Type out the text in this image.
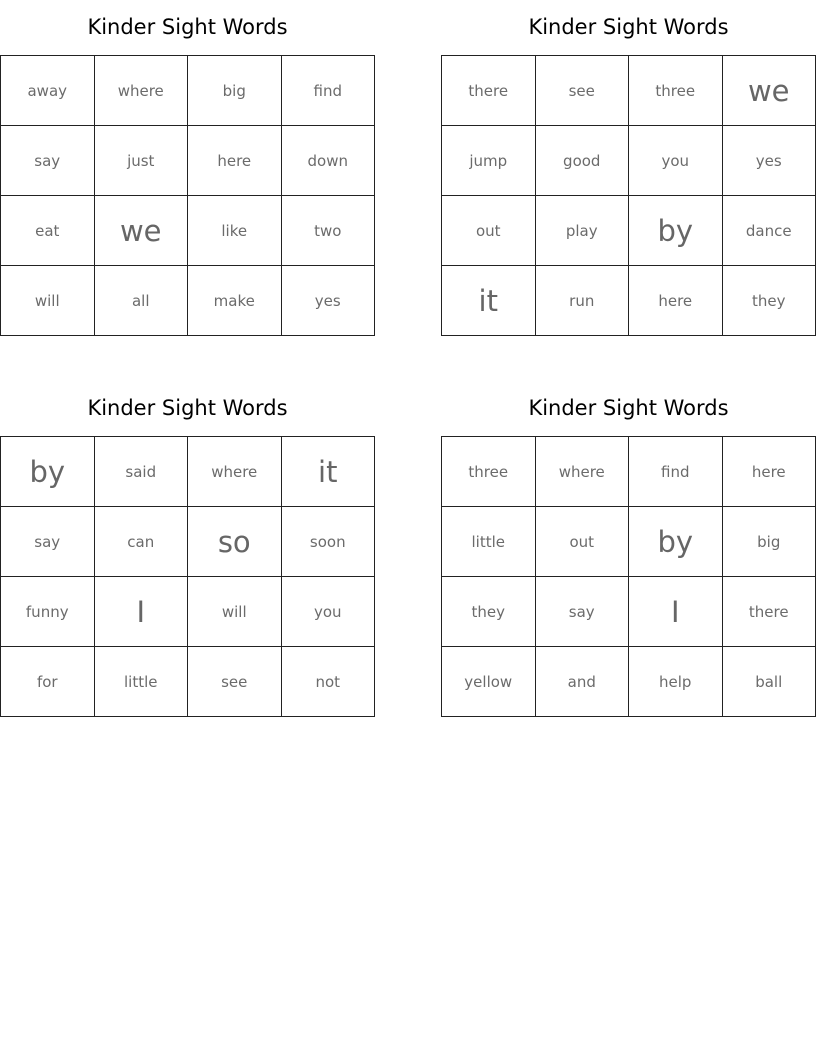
Kinder Sight Words
away	where	big	find
say	just	here	down
eat	we	like	two
will	all	make	yes
Kinder Sight Words
there	see	three	we
jump	good	you	yes
out	play	by	dance
it	run	here	they
Kinder Sight Words
by	said	where	it
say	can	so	soon
funny	I	will	you
for	little	see	not
Kinder Sight Words
three	where	find	here
little	out	by	big
they	say	I	there
yellow	and	help	ball
